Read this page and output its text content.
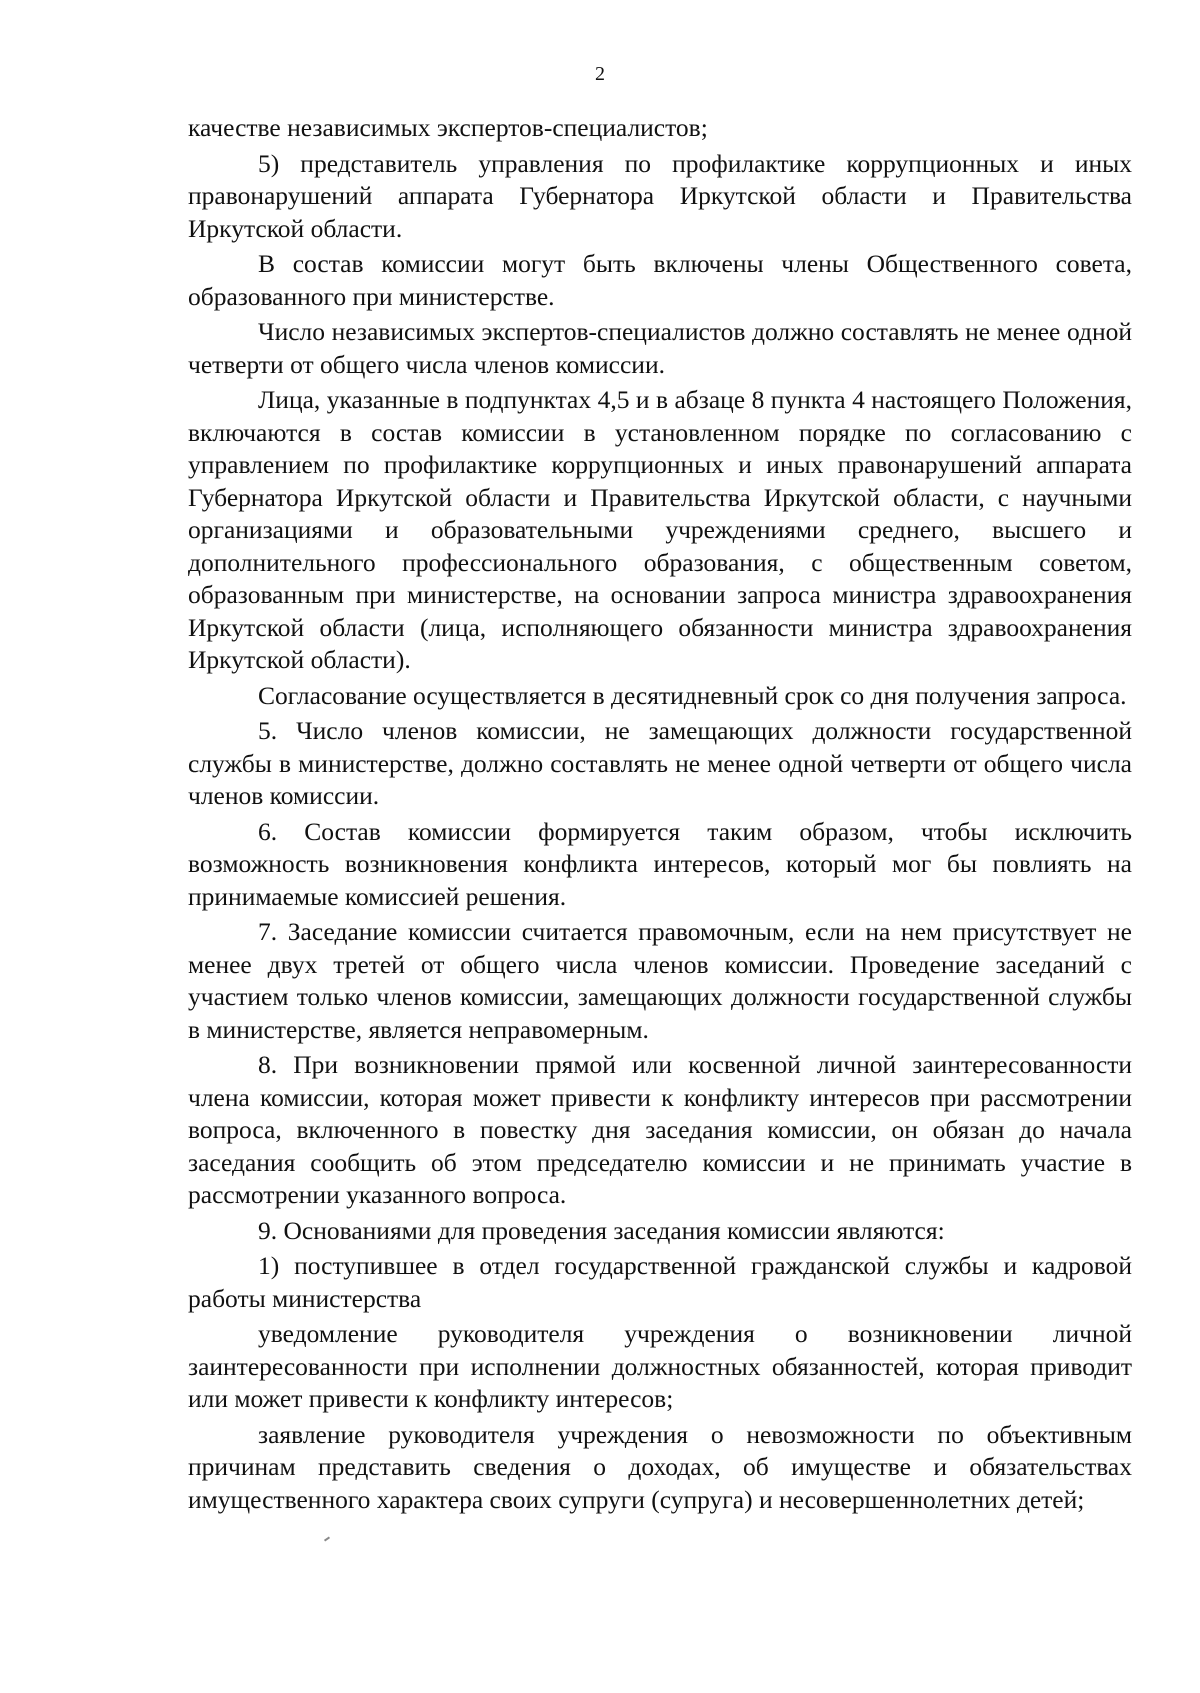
2

качестве независимых экспертов-специалистов;

5) представитель управления по профилактике коррупционных и иных правонарушений аппарата Губернатора Иркутской области и Правительства Иркутской области.

В состав комиссии могут быть включены члены Общественного совета, образованного при министерстве.

Число независимых экспертов-специалистов должно составлять не менее одной четверти от общего числа членов комиссии.

Лица, указанные в подпунктах 4,5 и в абзаце 8 пункта 4 настоящего Положения, включаются в состав комиссии в установленном порядке по согласованию с управлением по профилактике коррупционных и иных правонарушений аппарата Губернатора Иркутской области и Правительства Иркутской области, с научными организациями и образовательными учреждениями среднего, высшего и дополнительного профессионального образования, с общественным советом, образованным при министерстве, на основании запроса министра здравоохранения Иркутской области (лица, исполняющего обязанности министра здравоохранения Иркутской области).

Согласование осуществляется в десятидневный срок со дня получения запроса.

5. Число членов комиссии, не замещающих должности государственной службы в министерстве, должно составлять не менее одной четверти от общего числа членов комиссии.

6. Состав комиссии формируется таким образом, чтобы исключить возможность возникновения конфликта интересов, который мог бы повлиять на принимаемые комиссией решения.

7. Заседание комиссии считается правомочным, если на нем присутствует не менее двух третей от общего числа членов комиссии. Проведение заседаний с участием только членов комиссии, замещающих должности государственной службы в министерстве, является неправомерным.

8. При возникновении прямой или косвенной личной заинтересованности члена комиссии, которая может привести к конфликту интересов при рассмотрении вопроса, включенного в повестку дня заседания комиссии, он обязан до начала заседания сообщить об этом председателю комиссии и не принимать участие в рассмотрении указанного вопроса.

9. Основаниями для проведения заседания комиссии являются:

1) поступившее в отдел государственной гражданской службы и кадровой работы министерства

уведомление руководителя учреждения о возникновении личной заинтересованности при исполнении должностных обязанностей, которая приводит или может привести к конфликту интересов;

заявление руководителя учреждения о невозможности по объективным причинам представить сведения о доходах, об имуществе и обязательствах имущественного характера своих супруги (супруга) и несовершеннолетних детей;
